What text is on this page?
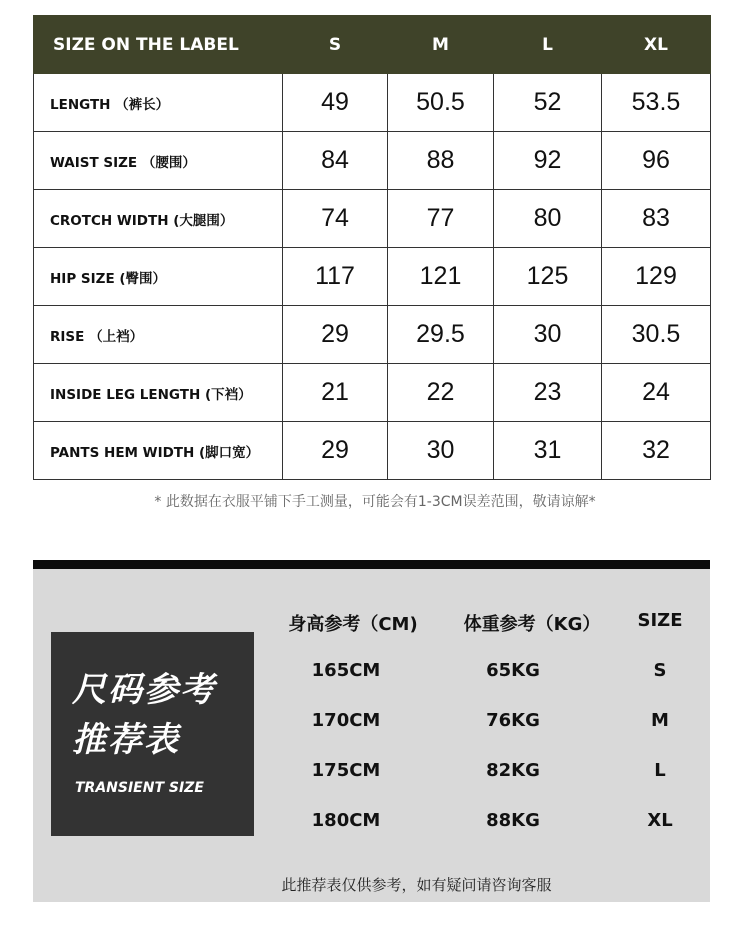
SIZE ON THE LABEL	S	M	L	XL
LENGTH （裤长）	49	50.5	52	53.5
WAIST SIZE （腰围）	84	88	92	96
CROTCH WIDTH (大腿围）	74	77	80	83
HIP SIZE (臀围）	117	121	125	129
RISE （上裆）	29	29.5	30	30.5
INSIDE LEG LENGTH (下裆）	21	22	23	24
PANTS HEM WIDTH (脚口宽）	29	30	31	32
* 此数据在衣服平铺下手工测量，可能会有1-3CM误差范围，敬请谅解*
尺码参考
推荐表
TRANSIENT SIZE
身高参考（CM)	体重参考（KG） SIZE
165CM	65KG	S
170CM	76KG	M
175CM	82KG	L
180CM	88KG	XL
此推荐表仅供参考，如有疑问请咨询客服
